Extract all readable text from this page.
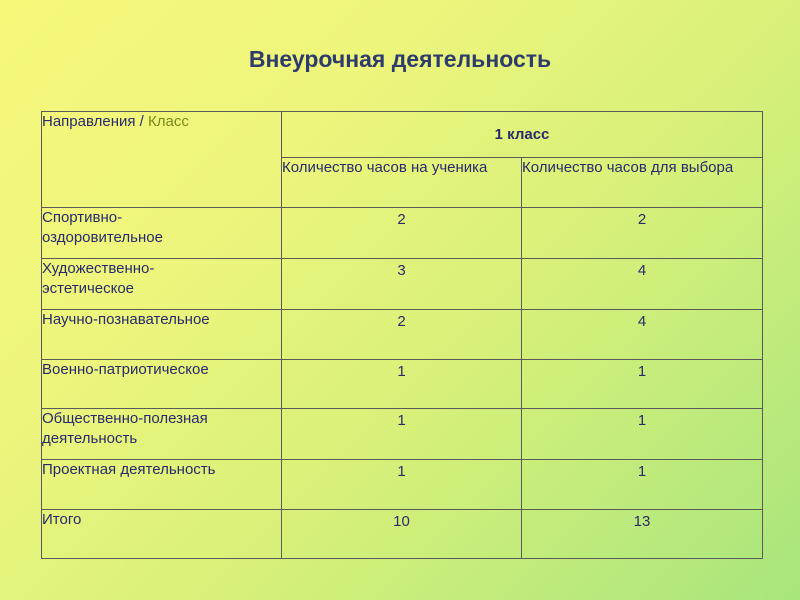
Внеурочная деятельность
Направления / Класс	1 класс	
	Количество часов на ученика	Количество часов для выбора
Спортивно-
оздоровительное	2	2
Художественно-
эстетическое	3	4
Научно-познавательное	2	4
Военно-патриотическое	1	1
Общественно-полезная
деятельность	1	1
Проектная деятельность	1	1
Итого	10	13
